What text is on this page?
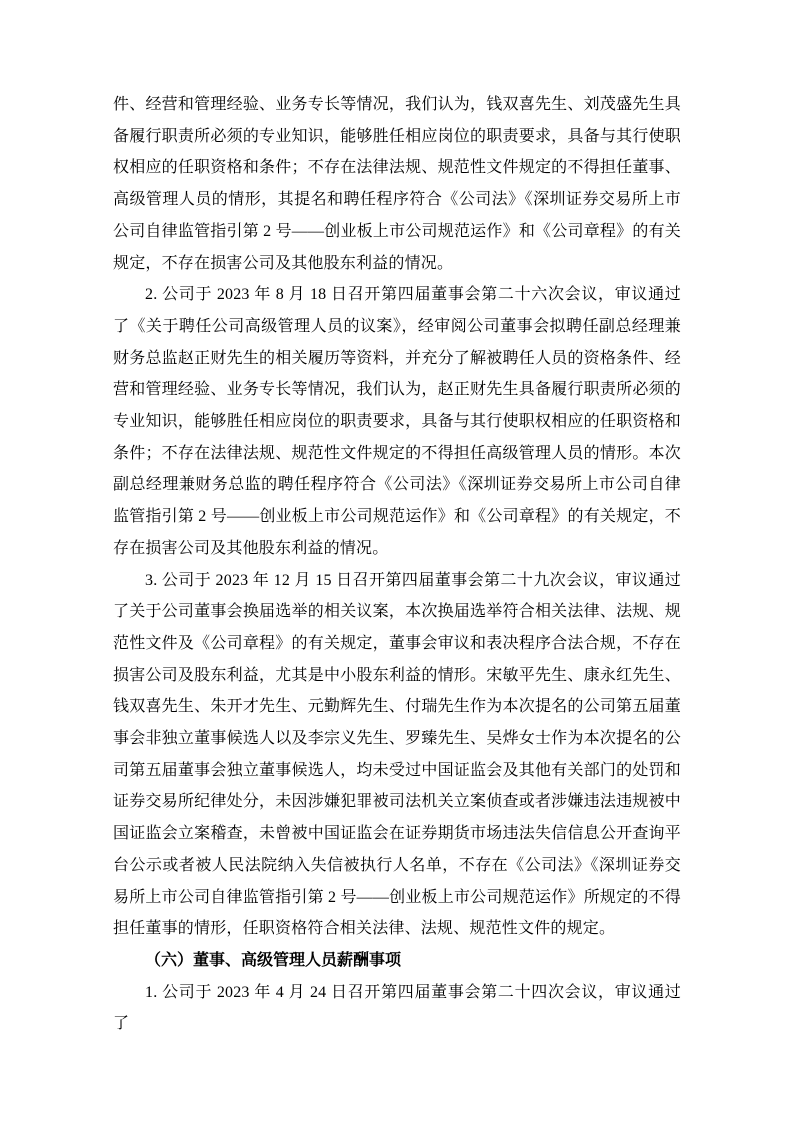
件、经营和管理经验、业务专长等情况，我们认为，钱双喜先生、刘茂盛先生具备履行职责所必须的专业知识，能够胜任相应岗位的职责要求，具备与其行使职权相应的任职资格和条件；不存在法律法规、规范性文件规定的不得担任董事、高级管理人员的情形，其提名和聘任程序符合《公司法》《深圳证券交易所上市公司自律监管指引第 2 号——创业板上市公司规范运作》和《公司章程》的有关规定，不存在损害公司及其他股东利益的情况。

2. 公司于 2023 年 8 月 18 日召开第四届董事会第二十六次会议，审议通过了《关于聘任公司高级管理人员的议案》，经审阅公司董事会拟聘任副总经理兼财务总监赵正财先生的相关履历等资料，并充分了解被聘任人员的资格条件、经营和管理经验、业务专长等情况，我们认为，赵正财先生具备履行职责所必须的专业知识，能够胜任相应岗位的职责要求，具备与其行使职权相应的任职资格和条件；不存在法律法规、规范性文件规定的不得担任高级管理人员的情形。本次副总经理兼财务总监的聘任程序符合《公司法》《深圳证券交易所上市公司自律监管指引第 2 号——创业板上市公司规范运作》和《公司章程》的有关规定，不存在损害公司及其他股东利益的情况。

3. 公司于 2023 年 12 月 15 日召开第四届董事会第二十九次会议，审议通过了关于公司董事会换届选举的相关议案，本次换届选举符合相关法律、法规、规范性文件及《公司章程》的有关规定，董事会审议和表决程序合法合规，不存在损害公司及股东利益，尤其是中小股东利益的情形。宋敏平先生、康永红先生、钱双喜先生、朱开才先生、元勤辉先生、付瑞先生作为本次提名的公司第五届董事会非独立董事候选人以及李宗义先生、罗臻先生、吴烨女士作为本次提名的公司第五届董事会独立董事候选人，均未受过中国证监会及其他有关部门的处罚和证券交易所纪律处分，未因涉嫌犯罪被司法机关立案侦查或者涉嫌违法违规被中国证监会立案稽查，未曾被中国证监会在证券期货市场违法失信信息公开查询平台公示或者被人民法院纳入失信被执行人名单，不存在《公司法》《深圳证券交易所上市公司自律监管指引第 2 号——创业板上市公司规范运作》所规定的不得担任董事的情形，任职资格符合相关法律、法规、规范性文件的规定。

（六）董事、高级管理人员薪酬事项

1. 公司于 2023 年 4 月 24 日召开第四届董事会第二十四次会议，审议通过了
